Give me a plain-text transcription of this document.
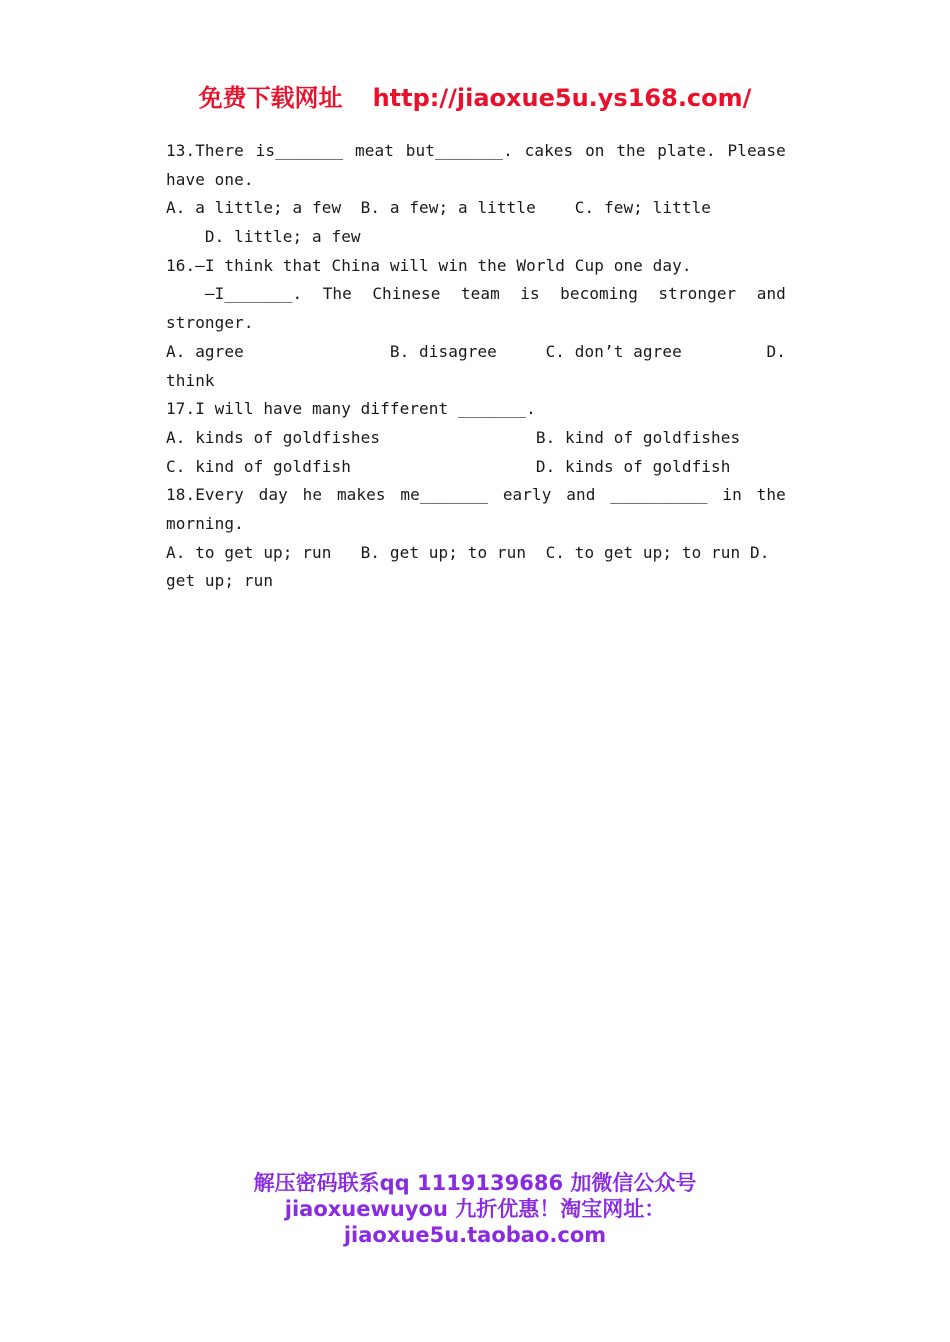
免费下载网址 http://jiaoxue5u.ys168.com/
13.There is_______ meat but_______. cakes on the plate. Please
have one.
A. a little; a few  B. a few; a little    C. few; little
D. little; a few
16.—I think that China will win the World Cup one day.
—I_______. The Chinese team is becoming stronger and
stronger.
A. agree               B. disagree     C. don’t agree	D.
think
17.I will have many different _______.
A. kinds of goldfishes                B. kind of goldfishes
C. kind of goldfish                   D. kinds of goldfish
18.Every day he makes me_______ early and __________ in the
morning.
A. to get up; run   B. get up; to run  C. to get up; to run D.
get up; run
解压密码联系qq 1119139686 加微信公众号
jiaoxuewuyou 九折优惠！淘宝网址：
jiaoxue5u.taobao.com
